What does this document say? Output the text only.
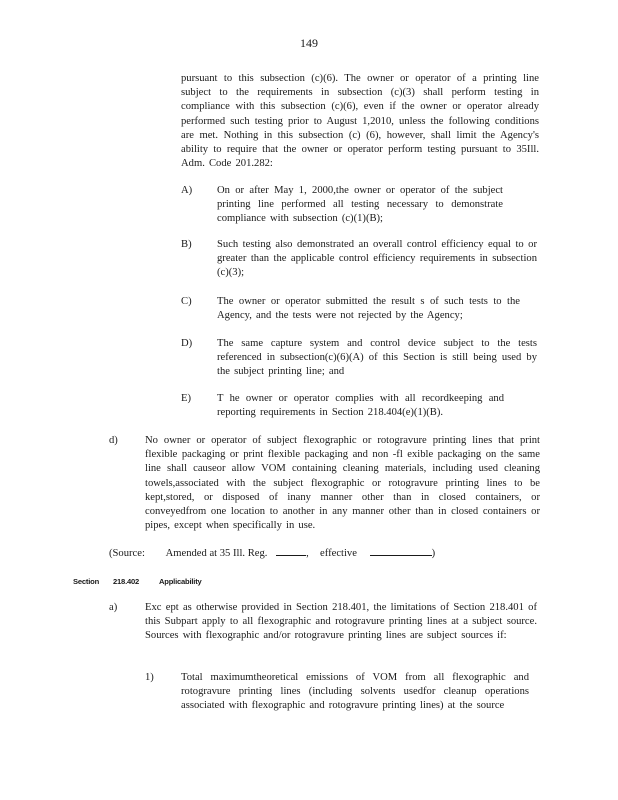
149
pursuant to this subsection (c)(6). The owner or operator of a printing line subject to the requirements in subsection (c)(3) shall perform testing in compliance with this subsection (c)(6), even if the owner or operator already performed such testing prior to August 1,2010, unless the following conditions are met. Nothing in this subsection (c) (6), however, shall limit the Agency's ability to require that the owner or operator perform testing pursuant to 35Ill. Adm. Code 201.282:
A) On or after May 1, 2000,the owner or operator of the subject printing line performed all testing necessary to demonstrate compliance with subsection (c)(1)(B);
B) Such testing also demonstrated an overall control efficiency equal to or greater than the applicable control efficiency requirements in subsection (c)(3);
C) The owner or operator submitted the result s of such tests to the Agency, and the tests were not rejected by the Agency;
D) The same capture system and control device subject to the tests referenced in subsection(c)(6)(A) of this Section is still being used by the subject printing line; and
E) T he owner or operator complies with all recordkeeping and reporting requirements in Section 218.404(e)(1)(B).
d)	No owner or operator of subject flexographic or rotogravure printing lines that print flexible packaging or print flexible packaging and non -fl exible packaging on the same line shall causeor allow VOM containing cleaning materials, including used cleaning towels,associated with the subject flexographic or rotogravure printing lines to be kept,stored, or disposed of inany manner other than in closed containers, or conveyedfrom one location to another in any manner other than in closed containers or pipes, except when specifically in use.
(Source: Amended at 35 Ill. Reg.	, effective	)
Section 218.402	Applicability
a)	Exc ept as otherwise provided in Section 218.401, the limitations of Section 218.401 of this Subpart apply to all flexographic and rotogravure printing lines at a subject source. Sources with flexographic and/or rotogravure printing lines are subject sources if:
1)	Total maximumtheoretical emissions of VOM from all flexographic and rotogravure printing lines (including solvents usedfor cleanup operations associated with flexographic and rotogravure printing lines) at the source
